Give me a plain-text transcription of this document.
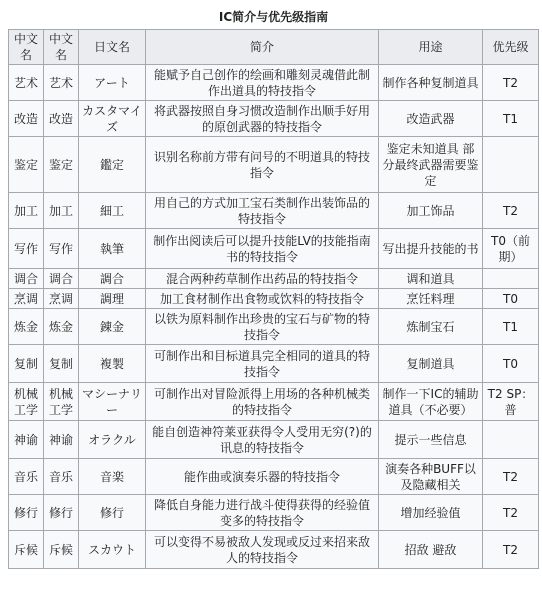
IC简介与优先级指南
中文名	中文名	日文名	简介	用途	优先级
艺术	艺术	アート	能赋予自己创作的绘画和雕刻灵魂借此制作出道具的特技指令	制作各种复制道具	T2
改造	改造	カスタマイズ	将武器按照自身习惯改造制作出顺手好用的原创武器的特技指令	改造武器	T1
鉴定	鉴定	鑑定	识别名称前方带有问号的不明道具的特技指令	鉴定未知道具 部分最终武器需要鉴定	
加工	加工	細工	用自己的方式加工宝石类制作出装饰品的特技指令	加工饰品	T2
写作	写作	執筆	制作出阅读后可以提升技能LV的技能指南书的特技指令	写出提升技能的书	T0（前期）
调合	调合	調合	混合两种药草制作出药品的特技指令	调和道具	
烹调	烹调	調理	加工食材制作出食物或饮料的特技指令	烹饪料理	T0
炼金	炼金	錬金	以铁为原料制作出珍贵的宝石与矿物的特技指令	炼制宝石	T1
复制	复制	複製	可制作出和目标道具完全相同的道具的特技指令	复制道具	T0
机械工学	机械工学	マシーナリー	可制作出对冒险派得上用场的各种机械类的特技指令	制作一下IC的辅助道具（不必要）	T2 SP：普
神谕	神谕	オラクル	能自创造神符莱亚获得令人受用无穷(?)的讯息的特技指令	提示一些信息	
音乐	音乐	音楽	能作曲或演奏乐器的特技指令	演奏各种BUFF以及隐藏相关	T2
修行	修行	修行	降低自身能力进行战斗使得获得的经验值变多的特技指令	增加经验值	T2
斥候	斥候	スカウト	可以变得不易被敌人发现或反过来招来敌人的特技指令	招敌 避敌	T2
